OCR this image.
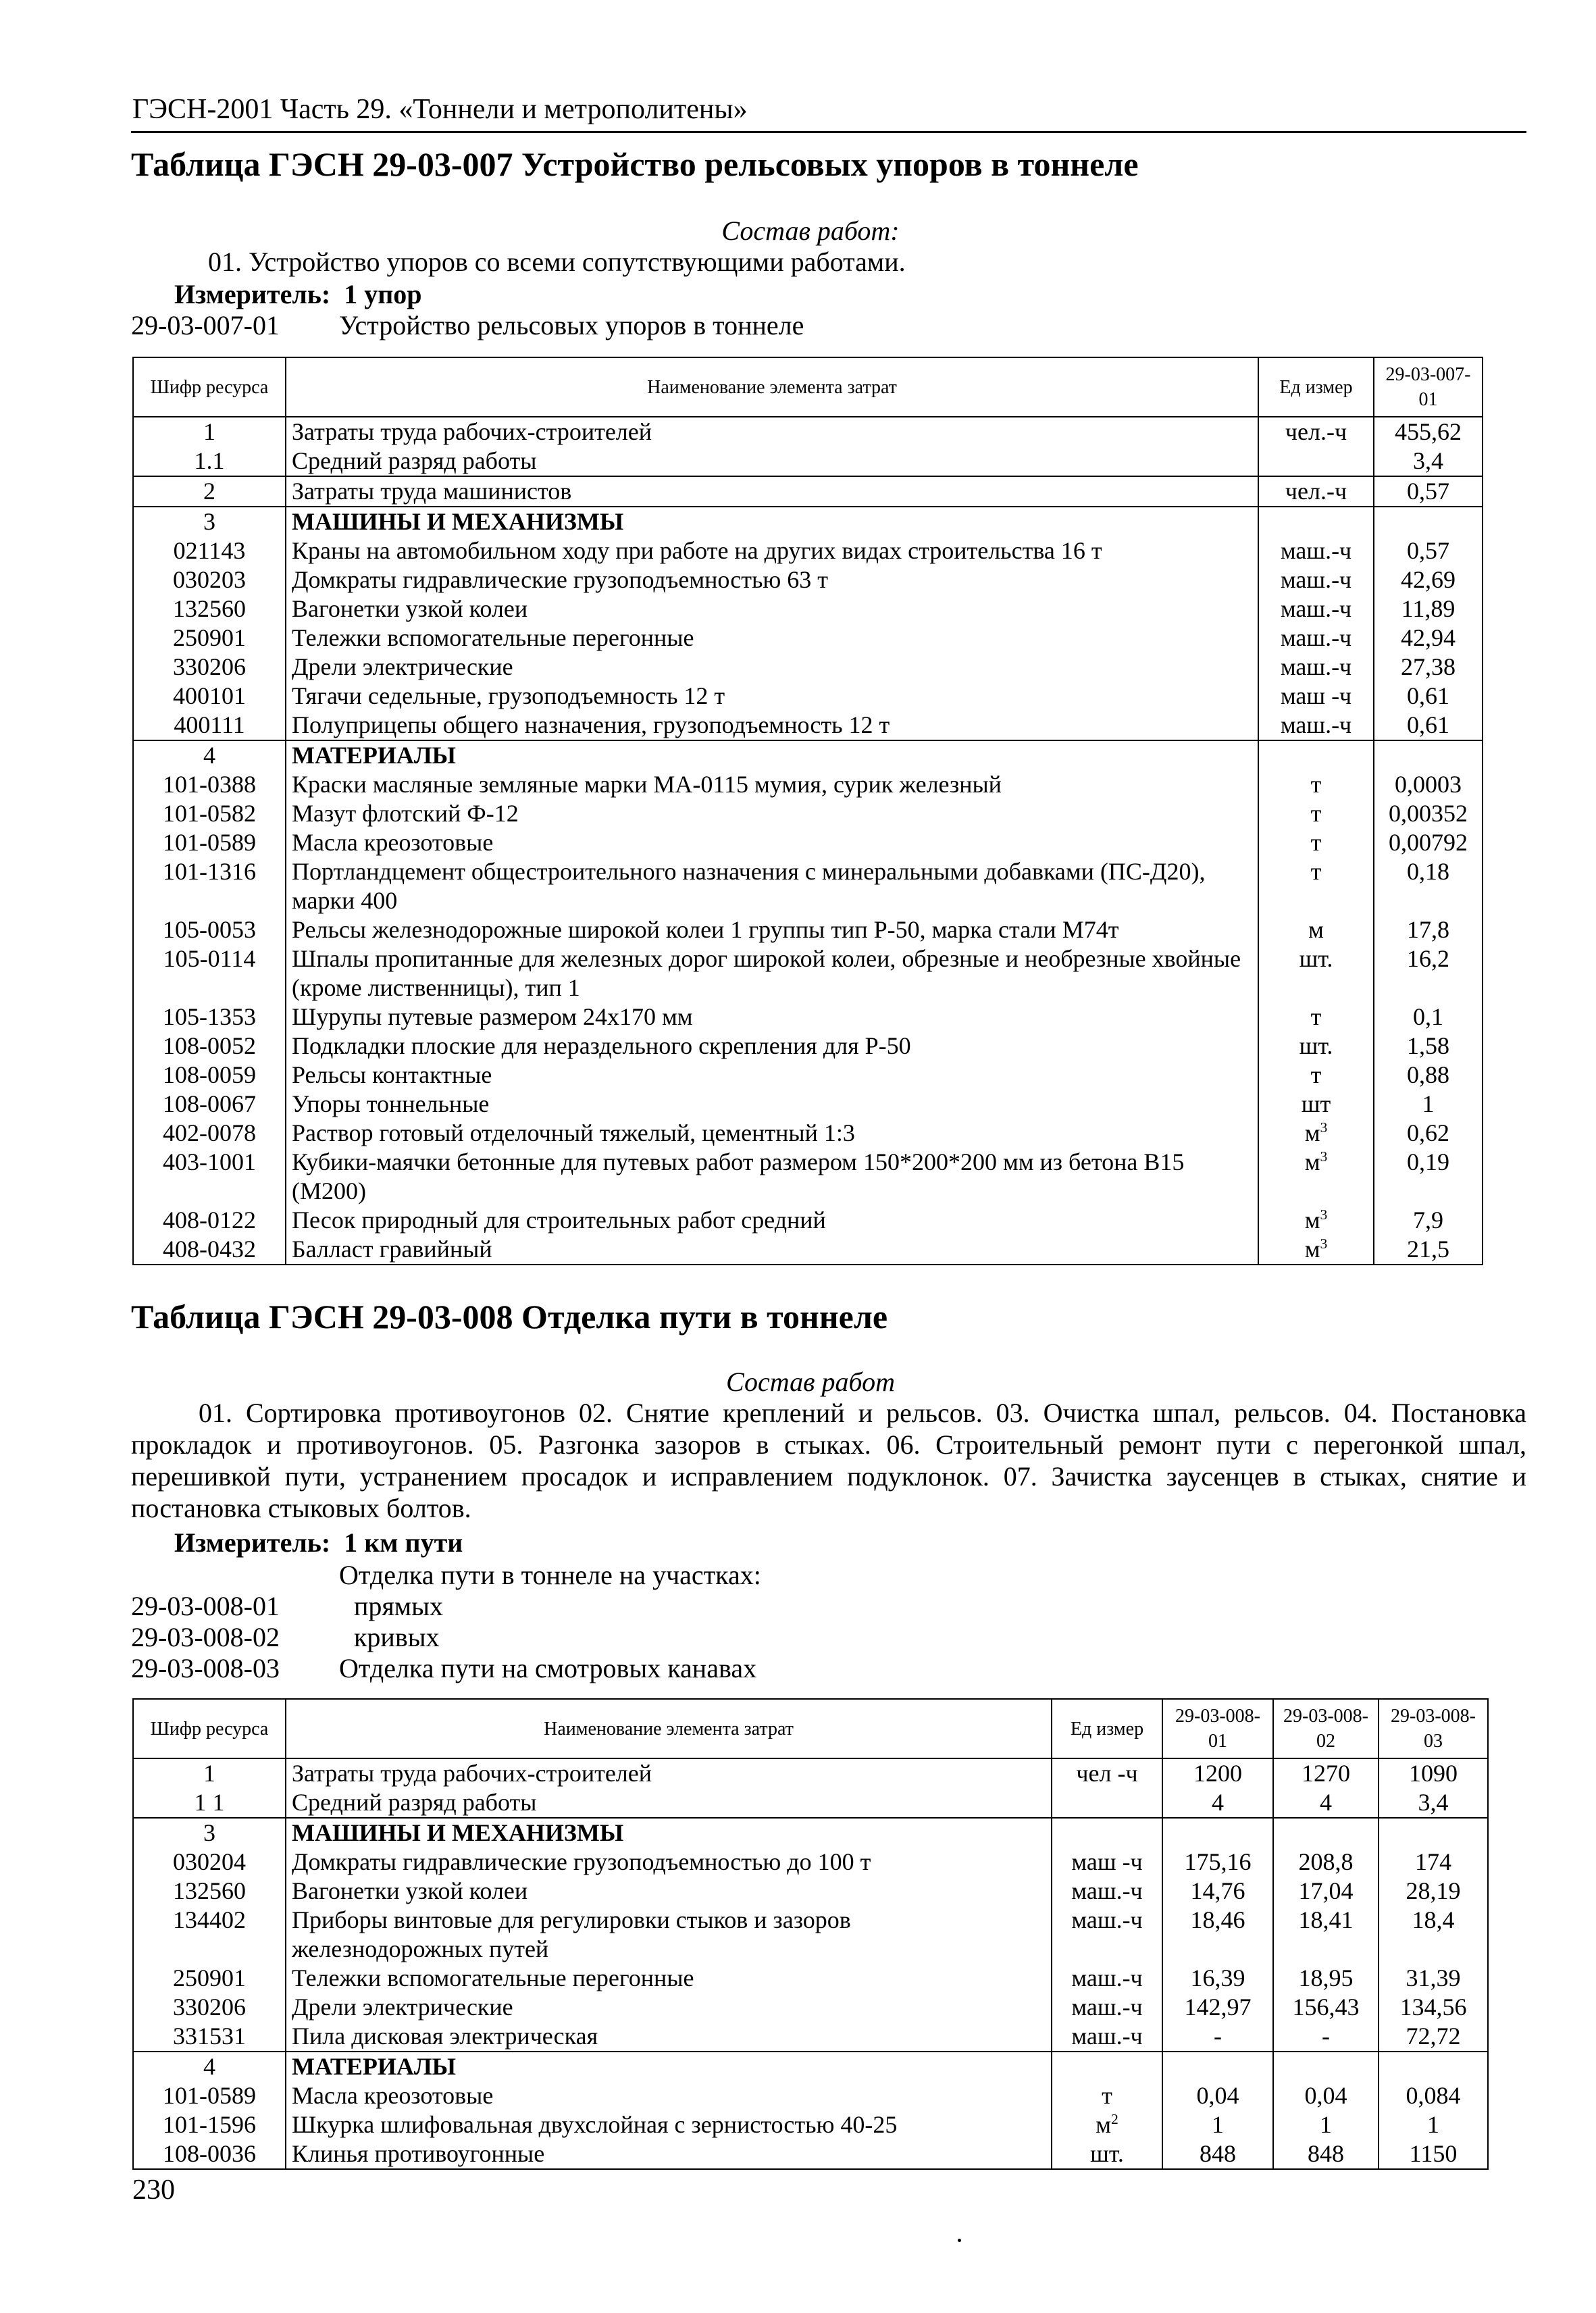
ГЭСН-2001 Часть 29. «Тоннели и метрополитены»
Таблица ГЭСН 29-03-007 Устройство рельсовых упоров в тоннеле
Состав работ:
01. Устройство упоров со всеми сопутствующими работами.
Измеритель: 1 упор
29-03-007-01 Устройство рельсовых упоров в тоннеле
Шифр ресурса	Наименование элемента затрат	Ед измер	29-03-007-01
1	Затраты труда рабочих-строителей	чел.-ч	455,62
1.1	Средний разряд работы		3,4
2	Затраты труда машинистов	чел.-ч	0,57
3	МАШИНЫ И МЕХАНИЗМЫ		
021143	Краны на автомобильном ходу при работе на других видах строительства 16 т	маш.-ч	0,57
030203	Домкраты гидравлические грузоподъемностью 63 т	маш.-ч	42,69
132560	Вагонетки узкой колеи	маш.-ч	11,89
250901	Тележки вспомогательные перегонные	маш.-ч	42,94
330206	Дрели электрические	маш.-ч	27,38
400101	Тягачи седельные, грузоподъемность 12 т	маш -ч	0,61
400111	Полуприцепы общего назначения, грузоподъемность 12 т	маш.-ч	0,61
4	МАТЕРИАЛЫ		
101-0388	Краски масляные земляные марки МА-0115 мумия, сурик железный	т	0,0003
101-0582	Мазут флотский Ф-12	т	0,00352
101-0589	Масла креозотовые	т	0,00792
101-1316	Портландцемент общестроительного назначения с минеральными добавками (ПС-Д20), марки 400	т	0,18
105-0053	Рельсы железнодорожные широкой колеи 1 группы тип Р-50, марка стали М74т	м	17,8
105-0114	Шпалы пропитанные для железных дорог широкой колеи, обрезные и необрезные хвойные (кроме лиственницы), тип 1	шт.	16,2
105-1353	Шурупы путевые размером 24x170 мм	т	0,1
108-0052	Подкладки плоские для нераздельного скрепления для Р-50	шт.	1,58
108-0059	Рельсы контактные	т	0,88
108-0067	Упоры тоннельные	шт	1
402-0078	Раствор готовый отделочный тяжелый, цементный 1:3	$м^3$	0,62
403-1001	Кубики-маячки бетонные для путевых работ размером 150*200*200 мм из бетона В15 (М200)	$м^3$	0,19
408-0122	Песок природный для строительных работ средний	$м^3$	7,9
408-0432	Балласт гравийный	$м^3$	21,5
Таблица ГЭСН 29-03-008 Отделка пути в тоннеле
Состав работ
01. Сортировка противоугонов 02. Снятие креплений и рельсов. 03. Очистка шпал, рельсов. 04. Постановка прокладок и противоугонов. 05. Разгонка зазоров в стыках. 06. Строительный ремонт пути с перегонкой шпал, перешивкой пути, устранением просадок и исправлением подуклонок. 07. Зачистка заусенцев в стыках, снятие и постановка стыковых болтов.
Измеритель: 1 км пути
Отделка пути в тоннеле на участках:
29-03-008-01	прямых
29-03-008-02	кривых
29-03-008-03 Отделка пути на смотровых канавах
Шифр ресурса	Наименование элемента затрат	Ед измер	29-03-008-01	29-03-008-02	29-03-008-03
1	Затраты труда рабочих-строителей	чел -ч	1200	1270	1090
1 1	Средний разряд работы		4	4	3,4
3	МАШИНЫ И МЕХАНИЗМЫ				
030204	Домкраты гидравлические грузоподъемностью до 100 т	маш -ч	175,16	208,8	174
132560	Вагонетки узкой колеи	маш.-ч	14,76	17,04	28,19
134402	Приборы винтовые для регулировки стыков и зазоров железнодорожных путей	маш.-ч	18,46	18,41	18,4
250901	Тележки вспомогательные перегонные	маш.-ч	16,39	18,95	31,39
330206	Дрели электрические	маш.-ч	142,97	156,43	134,56
331531	Пила дисковая электрическая	маш.-ч	-	-	72,72
4	МАТЕРИАЛЫ				
101-0589	Масла креозотовые	т	0,04	0,04	0,084
101-1596	Шкурка шлифовальная двухслойная с зернистостью 40-25	$м^2$	1	1	1
108-0036	Клинья противоугонные	шт.	848	848	1150
230
